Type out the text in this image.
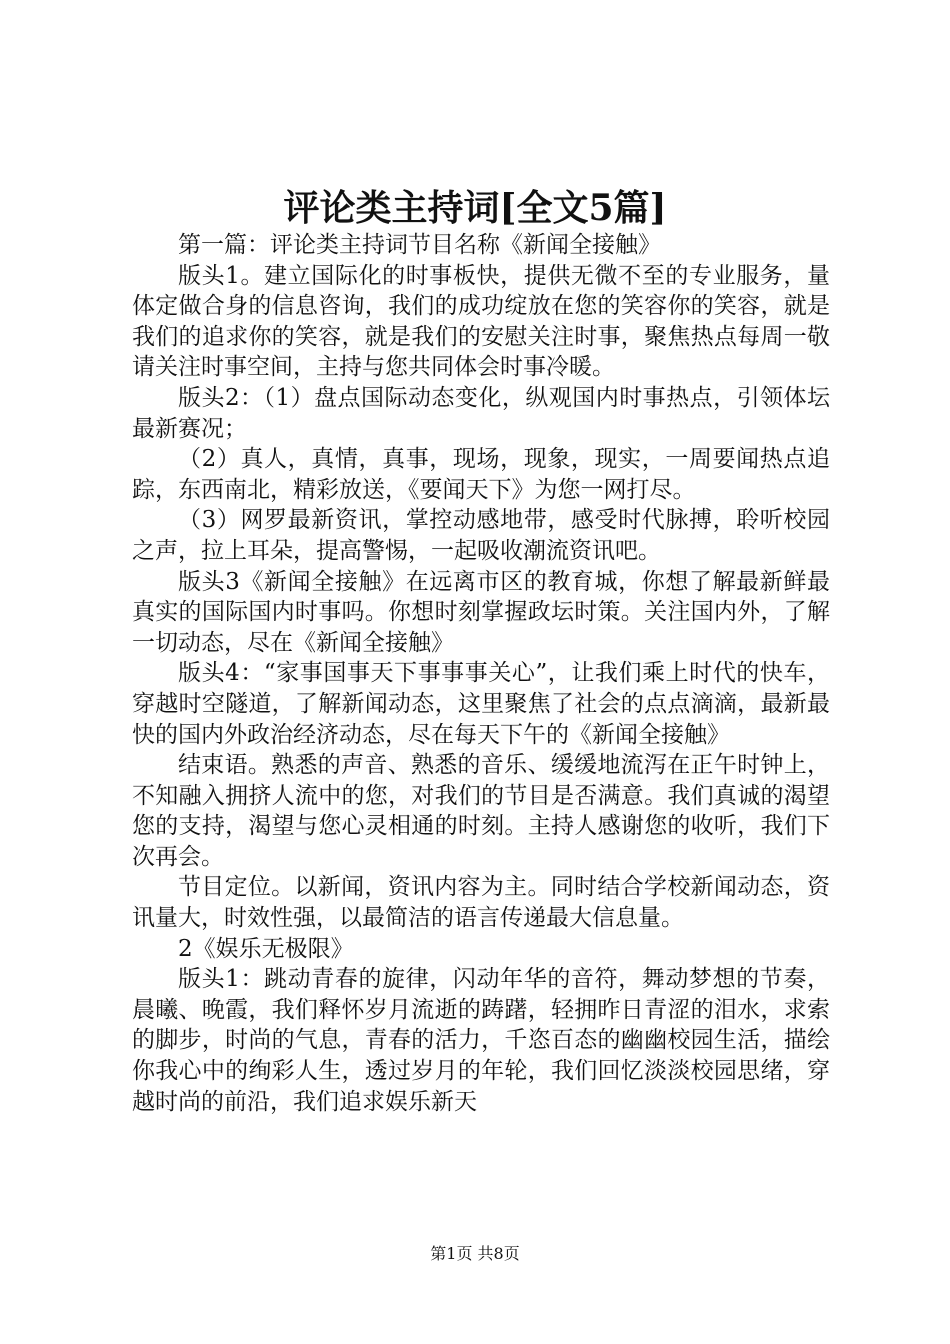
评论类主持词[全文5篇]

第一篇：评论类主持词节目名称《新闻全接触》

版头1。建立国际化的时事板快，提供无微不至的专业服务，量体定做合身的信息咨询，我们的成功绽放在您的笑容你的笑容，就是我们的追求你的笑容，就是我们的安慰关注时事，聚焦热点每周一敬请关注时事空间，主持与您共同体会时事冷暖。

版头2：（1）盘点国际动态变化，纵观国内时事热点，引领体坛最新赛况；

（2）真人，真情，真事，现场，现象，现实，一周要闻热点追踪，东西南北，精彩放送，《要闻天下》为您一网打尽。

（3）网罗最新资讯，掌控动感地带，感受时代脉搏，聆听校园之声，拉上耳朵，提高警惕，一起吸收潮流资讯吧。

版头3《新闻全接触》在远离市区的教育城，你想了解最新鲜最真实的国际国内时事吗。你想时刻掌握政坛时策。关注国内外，了解一切动态，尽在《新闻全接触》

版头4：“家事国事天下事事事关心”，让我们乘上时代的快车，穿越时空隧道，了解新闻动态，这里聚焦了社会的点点滴滴，最新最快的国内外政治经济动态，尽在每天下午的《新闻全接触》

结束语。熟悉的声音、熟悉的音乐、缓缓地流泻在正午时钟上，不知融入拥挤人流中的您，对我们的节目是否满意。我们真诚的渴望您的支持，渴望与您心灵相通的时刻。主持人感谢您的收听，我们下次再会。

节目定位。以新闻，资讯内容为主。同时结合学校新闻动态，资讯量大，时效性强，以最简洁的语言传递最大信息量。

2《娱乐无极限》

版头1：跳动青春的旋律，闪动年华的音符，舞动梦想的节奏，晨曦、晚霞，我们释怀岁月流逝的踌躇，轻拥昨日青涩的泪水，求索的脚步，时尚的气息，青春的活力，千恣百态的幽幽校园生活，描绘你我心中的绚彩人生，透过岁月的年轮，我们回忆淡淡校园思绪，穿越时尚的前沿，我们追求娱乐新天

第1页 共8页
